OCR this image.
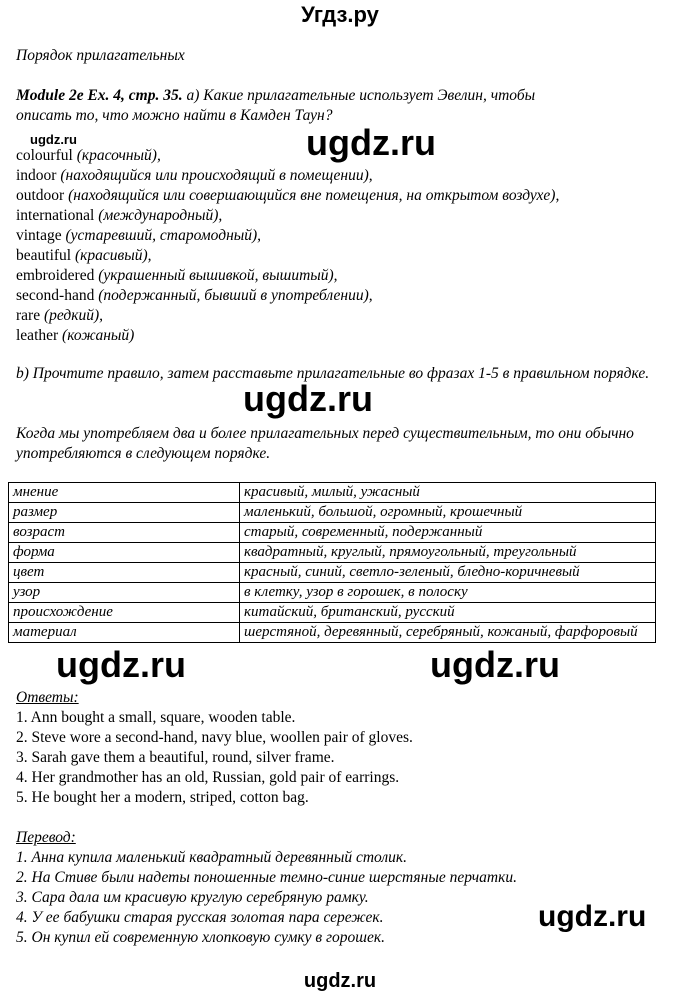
Угдз.ру
Порядок прилагательных
Module 2e Ex. 4, стр. 35. а) Какие прилагательные использует Эвелин, чтобы
описать то, что можно найти в Камден Таун?
ugdz.ru
colourful (красочный),
indoor (находящийся или происходящий в помещении),
outdoor (находящийся или совершающийся вне помещения, на открытом воздухе),
international (международный),
vintage (устаревший, старомодный),
beautiful (красивый),
embroidered (украшенный вышивкой, вышитый),
second-hand (подержанный, бывший в употреблении),
rare (редкий),
leather (кожаный)
ugdz.ru
b) Прочтите правило, затем расставьте прилагательные во фразах 1-5 в правильном порядке.
ugdz.ru
Когда мы употребляем два и более прилагательных перед существительным, то они обычно употребляются в следующем порядке.
мнение	красивый, милый, ужасный
размер	маленький, большой, огромный, крошечный
возраст	старый, современный, подержанный
форма	квадратный, круглый, прямоугольный, треугольный
цвет	красный, синий, светло-зеленый, бледно-коричневый
узор	в клетку, узор в горошек, в полоску
происхождение	китайский, британский, русский
материал	шерстяной, деревянный, серебряный, кожаный, фарфоровый
ugdz.ru	ugdz.ru
Ответы:
1. Ann bought a small, square, wooden table.
2. Steve wore a second-hand, navy blue, woollen pair of gloves.
3. Sarah gave them a beautiful, round, silver frame.
4. Her grandmother has an old, Russian, gold pair of earrings.
5. He bought her a modern, striped, cotton bag.
Перевод:
1. Анна купила маленький квадратный деревянный столик.
2. На Стиве были надеты поношенные темно-синие шерстяные перчатки.
3. Сара дала им красивую круглую серебряную рамку.
4. У ее бабушки старая русская золотая пара сережек.
5. Он купил ей современную хлопковую сумку в горошек.
ugdz.ru
ugdz.ru
